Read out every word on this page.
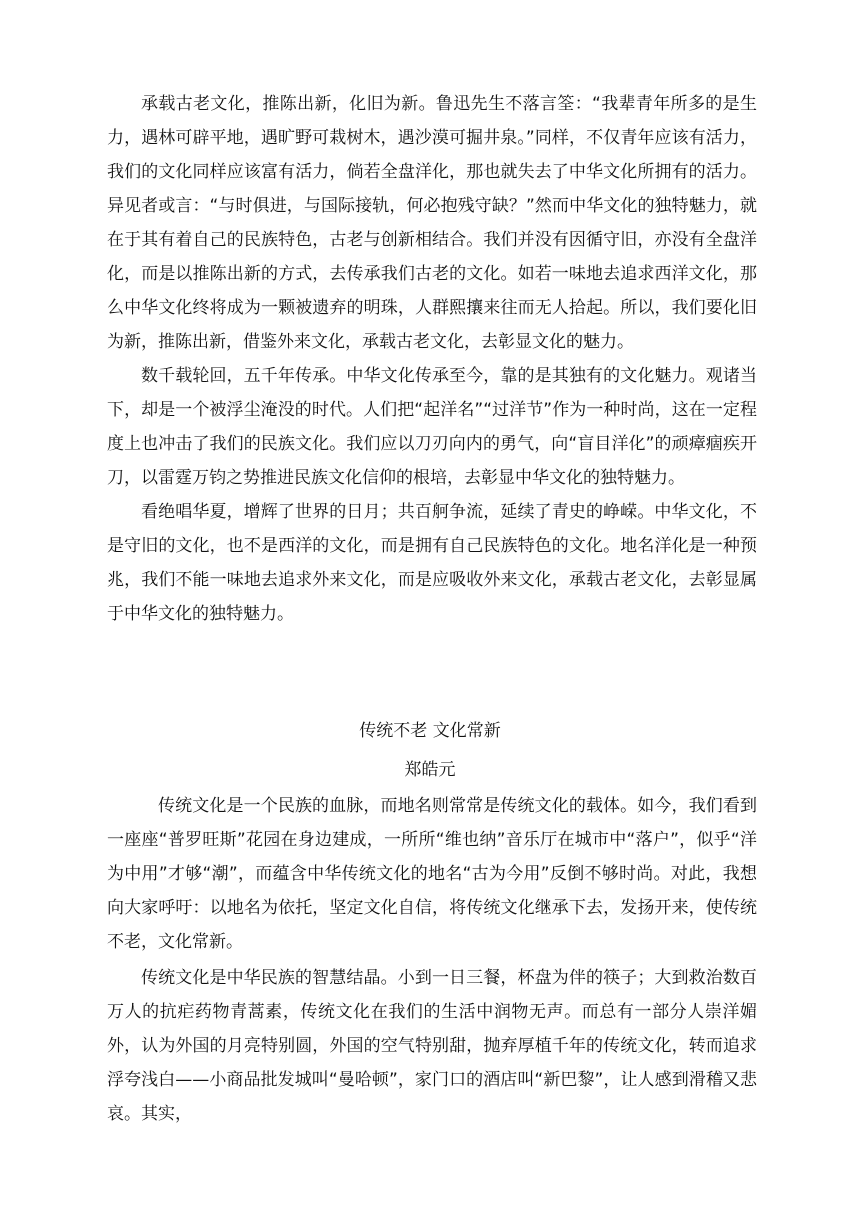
承载古老文化，推陈出新，化旧为新。鲁迅先生不落言筌：“我辈青年所多的是生力，遇林可辟平地，遇旷野可栽树木，遇沙漠可掘井泉。”同样，不仅青年应该有活力，我们的文化同样应该富有活力，倘若全盘洋化，那也就失去了中华文化所拥有的活力。异见者或言：“与时俱进，与国际接轨，何必抱残守缺？”然而中华文化的独特魅力，就在于其有着自己的民族特色，古老与创新相结合。我们并没有因循守旧，亦没有全盘洋化，而是以推陈出新的方式，去传承我们古老的文化。如若一味地去追求西洋文化，那么中华文化终将成为一颗被遗弃的明珠，人群熙攘来往而无人拾起。所以，我们要化旧为新，推陈出新，借鉴外来文化，承载古老文化，去彰显文化的魅力。

数千载轮回，五千年传承。中华文化传承至今，靠的是其独有的文化魅力。观诸当下，却是一个被浮尘淹没的时代。人们把“起洋名”“过洋节”作为一种时尚，这在一定程度上也冲击了我们的民族文化。我们应以刀刃向内的勇气，向“盲目洋化”的顽瘴痼疾开刀，以雷霆万钧之势推进民族文化信仰的根培，去彰显中华文化的独特魅力。

看绝唱华夏，增辉了世界的日月；共百舸争流，延续了青史的峥嵘。中华文化，不是守旧的文化，也不是西洋的文化，而是拥有自己民族特色的文化。地名洋化是一种预兆，我们不能一味地去追求外来文化，而是应吸收外来文化，承载古老文化，去彰显属于中华文化的独特魅力。

传统不老 文化常新

郑皓元

传统文化是一个民族的血脉，而地名则常常是传统文化的载体。如今，我们看到一座座“普罗旺斯”花园在身边建成，一所所“维也纳”音乐厅在城市中“落户”，似乎“洋为中用”才够“潮”，而蕴含中华传统文化的地名“古为今用”反倒不够时尚。对此，我想向大家呼吁：以地名为依托，坚定文化自信，将传统文化继承下去，发扬开来，使传统不老，文化常新。

传统文化是中华民族的智慧结晶。小到一日三餐，杯盘为伴的筷子；大到救治数百万人的抗疟药物青蒿素，传统文化在我们的生活中润物无声。而总有一部分人崇洋媚外，认为外国的月亮特别圆，外国的空气特别甜，抛弃厚植千年的传统文化，转而追求浮夸浅白——小商品批发城叫“曼哈顿”，家门口的酒店叫“新巴黎”，让人感到滑稽又悲哀。其实，
